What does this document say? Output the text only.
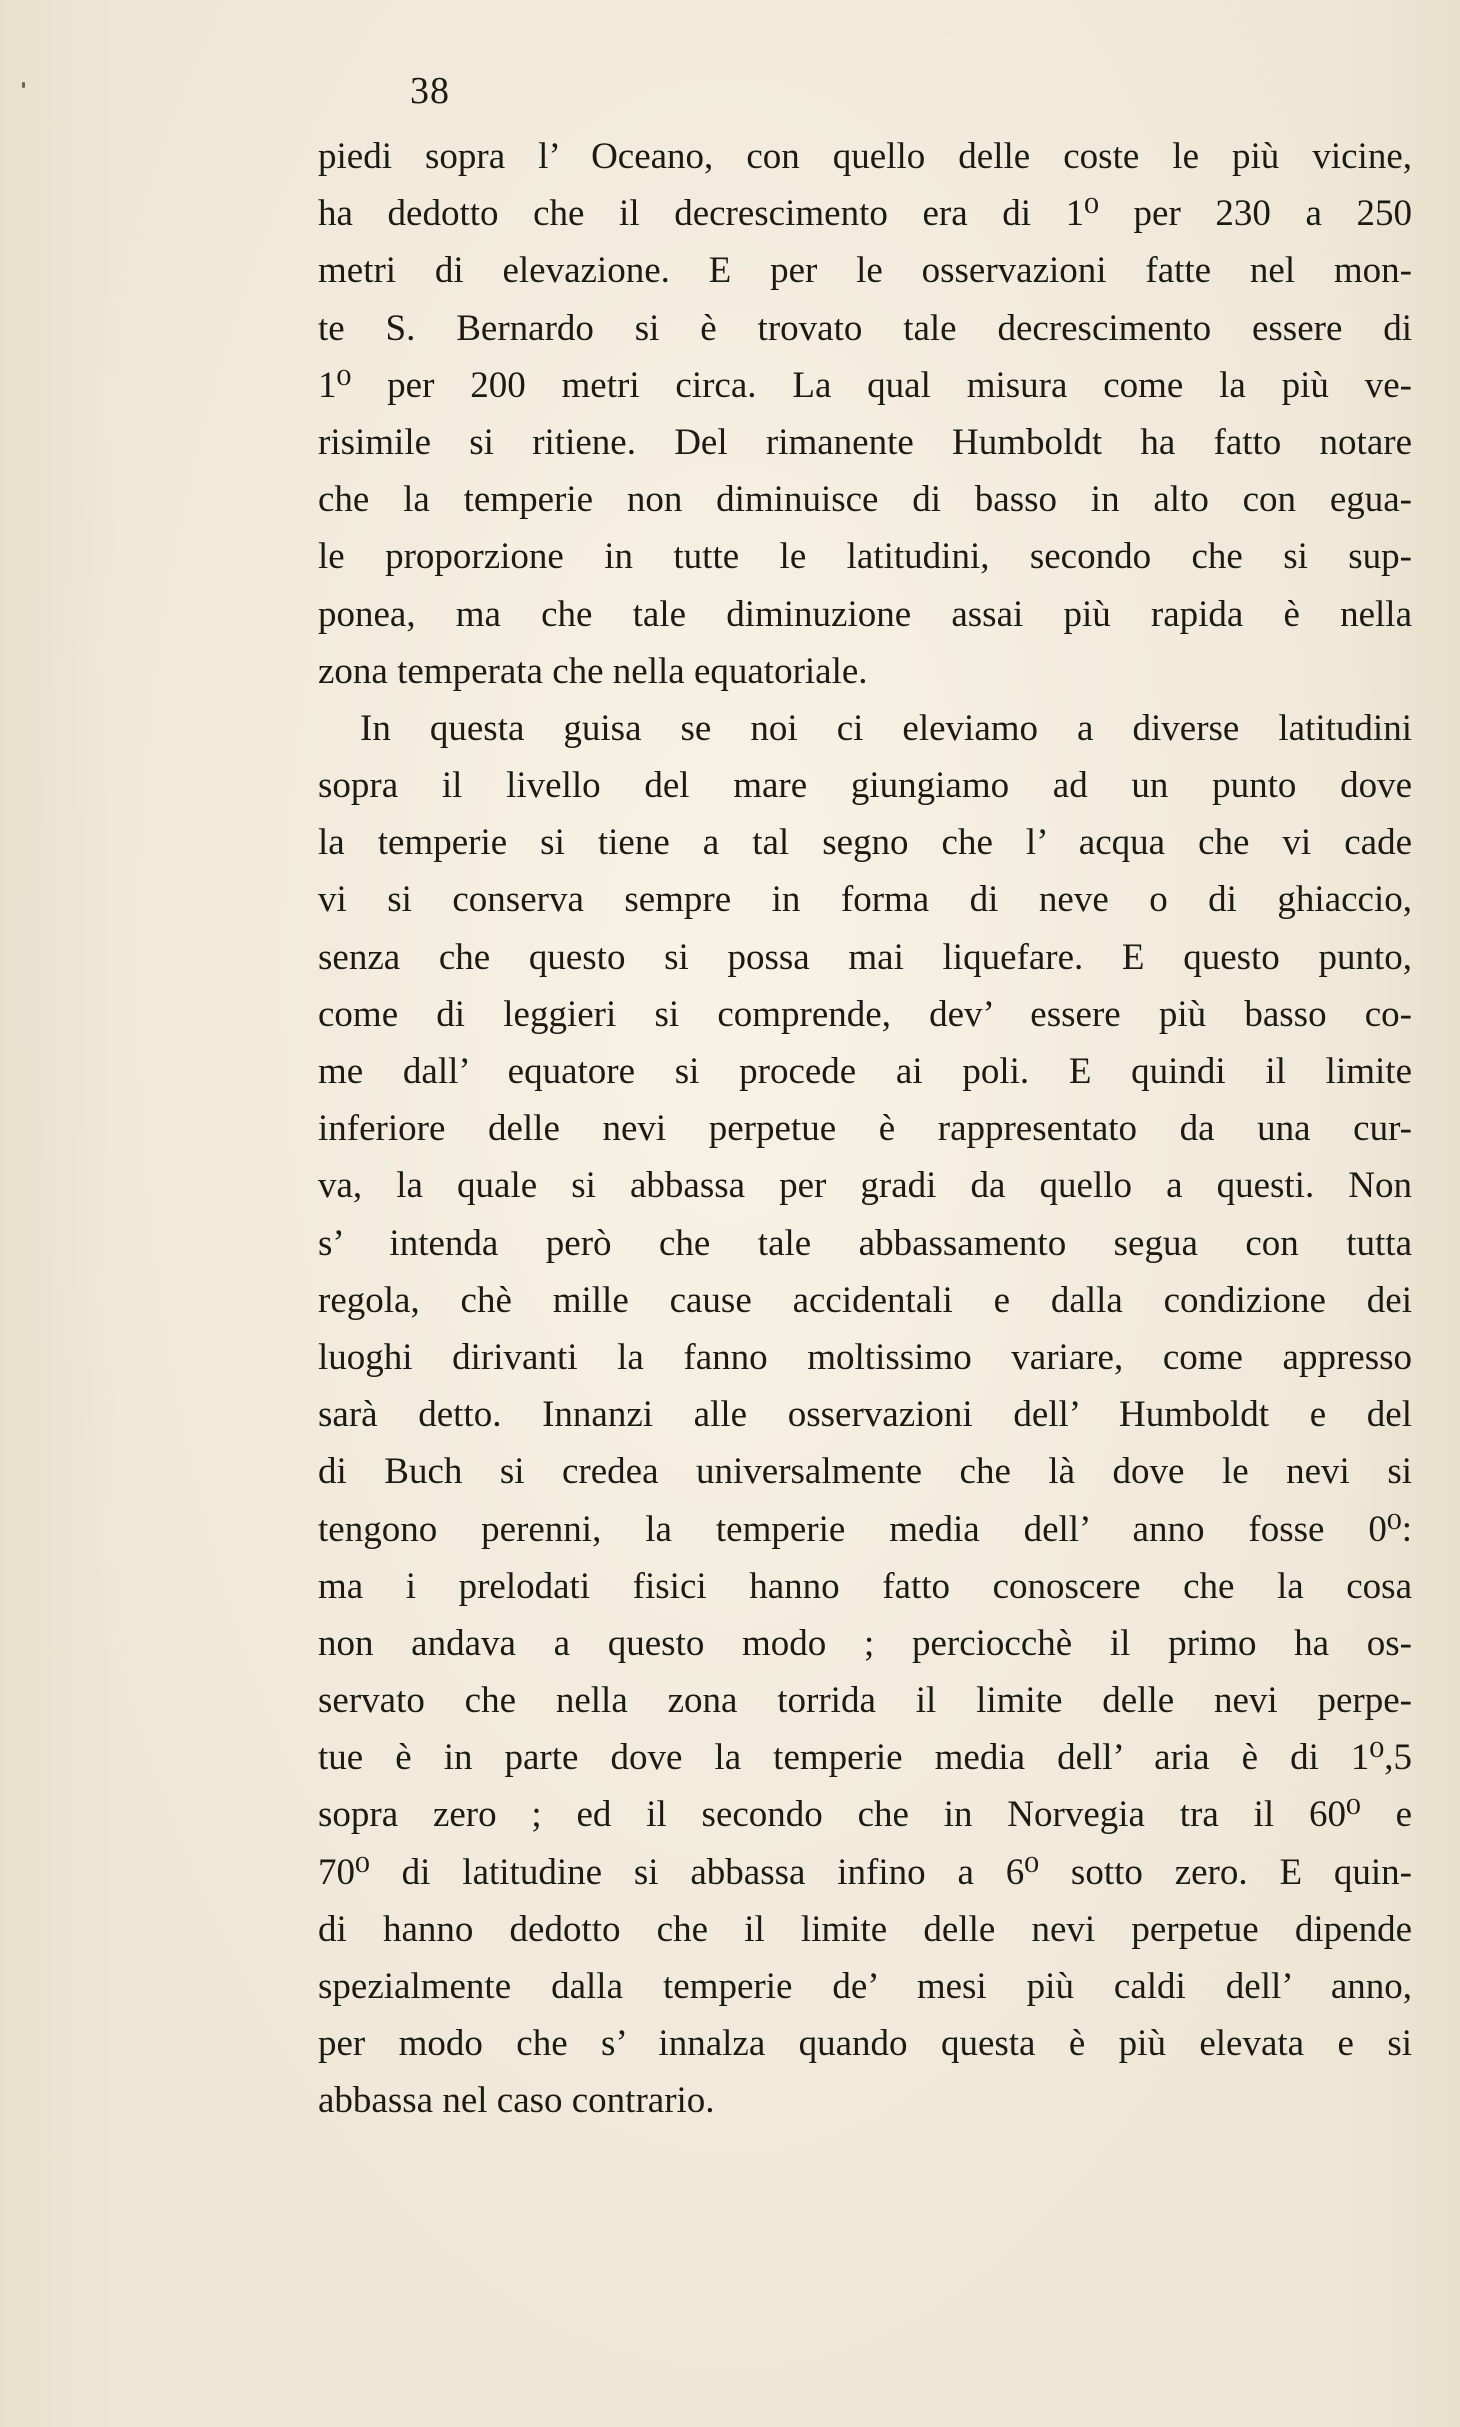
38
piedi sopra l’ Oceano, con quello delle coste le più vicine,
ha dedotto che il decrescimento era di 1⁰ per 230 a 250
metri di elevazione. E per le osservazioni fatte nel mon-
te S. Bernardo si è trovato tale decrescimento essere di
1⁰ per 200 metri circa. La qual misura come la più ve-
risimile si ritiene. Del rimanente Humboldt ha fatto notare
che la temperie non diminuisce di basso in alto con egua-
le proporzione in tutte le latitudini, secondo che si sup-
ponea, ma che tale diminuzione assai più rapida è nella
zona temperata che nella equatoriale.
In questa guisa se noi ci eleviamo a diverse latitudini
sopra il livello del mare giungiamo ad un punto dove
la temperie si tiene a tal segno che l’ acqua che vi cade
vi si conserva sempre in forma di neve o di ghiaccio,
senza che questo si possa mai liquefare. E questo punto,
come di leggieri si comprende, dev’ essere più basso co-
me dall’ equatore si procede ai poli. E quindi il limite
inferiore delle nevi perpetue è rappresentato da una cur-
va, la quale si abbassa per gradi da quello a questi. Non
s’ intenda però che tale abbassamento segua con tutta
regola, chè mille cause accidentali e dalla condizione dei
luoghi dirivanti la fanno moltissimo variare, come appresso
sarà detto. Innanzi alle osservazioni dell’ Humboldt e del
di Buch si credea universalmente che là dove le nevi si
tengono perenni, la temperie media dell’ anno fosse 0⁰:
ma i prelodati fisici hanno fatto conoscere che la cosa
non andava a questo modo ; perciocchè il primo ha os-
servato che nella zona torrida il limite delle nevi perpe-
tue è in parte dove la temperie media dell’ aria è di 1⁰,5
sopra zero ; ed il secondo che in Norvegia tra il 60⁰ e
70⁰ di latitudine si abbassa infino a 6⁰ sotto zero. E quin-
di hanno dedotto che il limite delle nevi perpetue dipende
spezialmente dalla temperie de’ mesi più caldi dell’ anno,
per modo che s’ innalza quando questa è più elevata e si
abbassa nel caso contrario.
